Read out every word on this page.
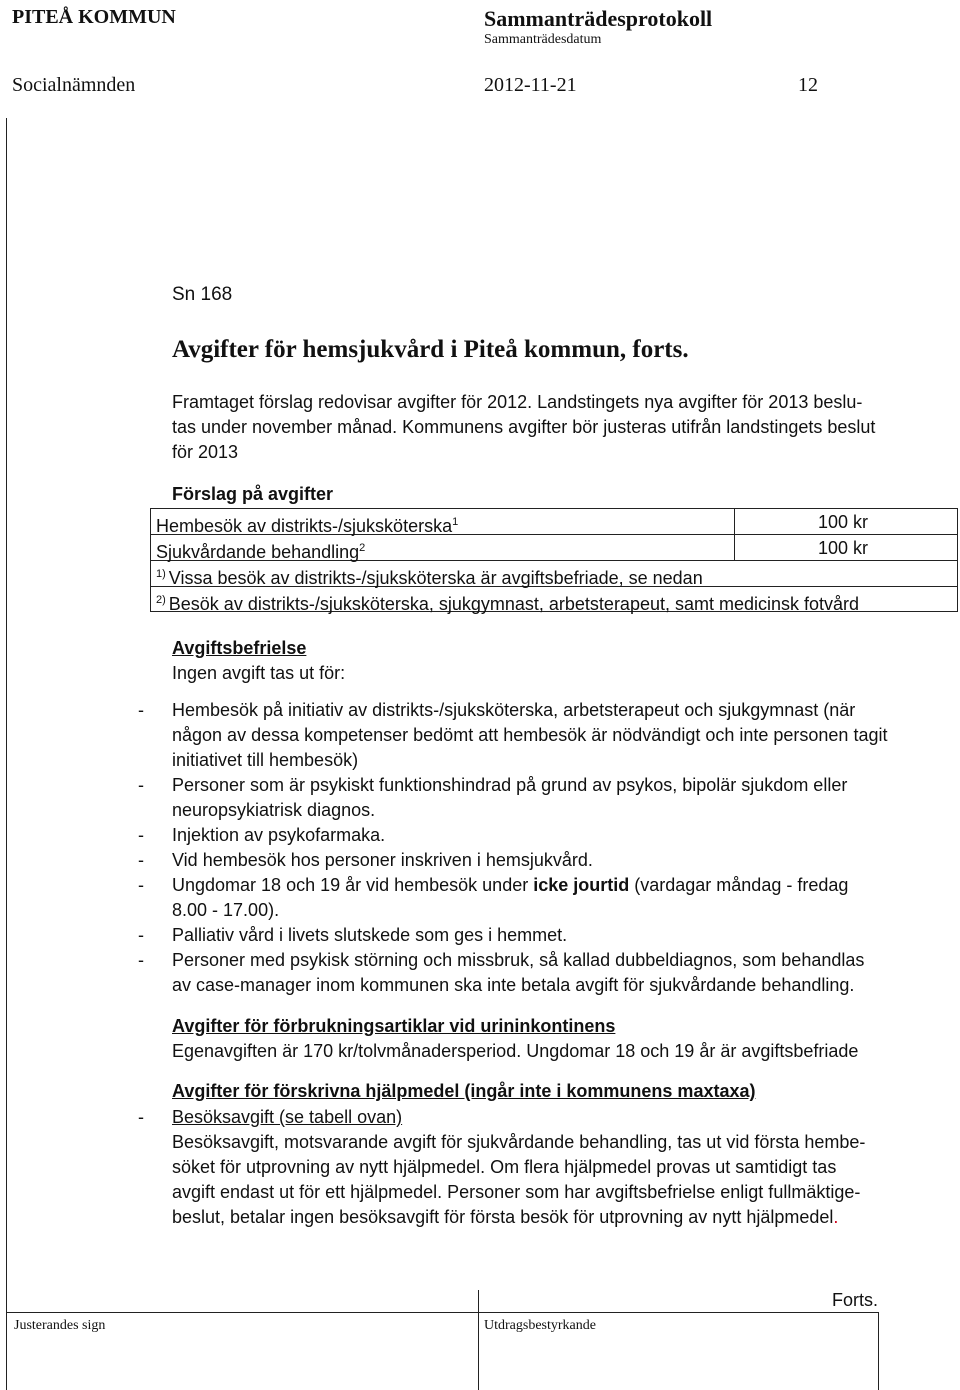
PITEÅ KOMMUN	Sammanträdesprotokoll
Sammanträdesdatum
Socialnämnden	2012-11-21	12
Sn 168
Avgifter för hemsjukvård i Piteå kommun, forts.
Framtaget förslag redovisar avgifter för 2012. Landstingets nya avgifter för 2013 beslu-
tas under november månad. Kommunens avgifter bör justeras utifrån landstingets beslut
för 2013
Förslag på avgifter
Hembesök av distrikts-/sjuksköterska$^1$	100 kr
Sjukvårdande behandling$^2$	100 kr
$^{1)}$ Vissa besök av distrikts-/sjuksköterska är avgiftsbefriade, se nedan
$^{2)}$ Besök av distrikts-/sjuksköterska, sjukgymnast, arbetsterapeut, samt medicinsk fotvård
Avgiftsbefrielse
Ingen avgift tas ut för:
- Hembesök på initiativ av distrikts-/sjuksköterska, arbetsterapeut och sjukgymnast (när
någon av dessa kompetenser bedömt att hembesök är nödvändigt och inte personen tagit
initiativet till hembesök)
- Personer som är psykiskt funktionshindrad på grund av psykos, bipolär sjukdom eller
neuropsykiatrisk diagnos.
- Injektion av psykofarmaka.
- Vid hembesök hos personer inskriven i hemsjukvård.
- Ungdomar 18 och 19 år vid hembesök under icke jourtid (vardagar måndag - fredag
8.00 - 17.00).
- Palliativ vård i livets slutskede som ges i hemmet.
- Personer med psykisk störning och missbruk, så kallad dubbeldiagnos, som behandlas
av case-manager inom kommunen ska inte betala avgift för sjukvårdande behandling.
Avgifter för förbrukningsartiklar vid urininkontinens
Egenavgiften är 170 kr/tolvmånadersperiod. Ungdomar 18 och 19 år är avgiftsbefriade
Avgifter för förskrivna hjälpmedel (ingår inte i kommunens maxtaxa)
- Besöksavgift (se tabell ovan)
Besöksavgift, motsvarande avgift för sjukvårdande behandling, tas ut vid första hembe-
söket för utprovning av nytt hjälpmedel. Om flera hjälpmedel provas ut samtidigt tas
avgift endast ut för ett hjälpmedel. Personer som har avgiftsbefrielse enligt fullmäktige-
beslut, betalar ingen besöksavgift för första besök för utprovning av nytt hjälpmedel.
Forts.
Justerandes sign	Utdragsbestyrkande
